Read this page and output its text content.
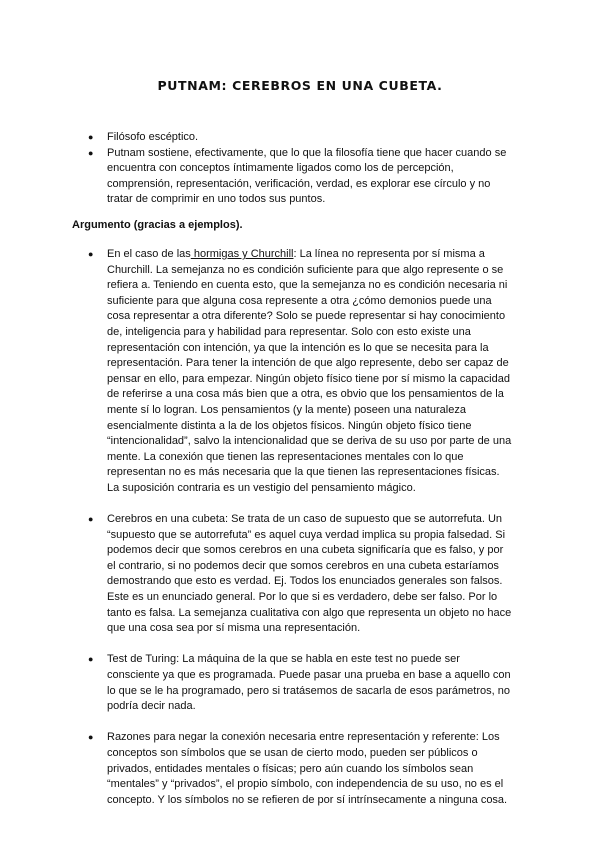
PUTNAM: CEREBROS EN UNA CUBETA.
● Filósofo escéptico.
● Putnam sostiene, efectivamente, que lo que la filosofía tiene que hacer cuando se encuentra con conceptos íntimamente ligados como los de percepción, comprensión, representación, verificación, verdad, es explorar ese círculo y no tratar de comprimir en uno todos sus puntos.
Argumento (gracias a ejemplos).
● En el caso de las hormigas y Churchill: La línea no representa por sí misma a Churchill. La semejanza no es condición suficiente para que algo represente o se refiera a. Teniendo en cuenta esto, que la semejanza no es condición necesaria ni suficiente para que alguna cosa represente a otra ¿cómo demonios puede una cosa representar a otra diferente? Solo se puede representar si hay conocimiento de, inteligencia para y habilidad para representar. Solo con esto existe una representación con intención, ya que la intención es lo que se necesita para la representación. Para tener la intención de que algo represente, debo ser capaz de pensar en ello, para empezar. Ningún objeto físico tiene por sí mismo la capacidad de referirse a una cosa más bien que a otra, es obvio que los pensamientos de la mente sí lo logran. Los pensamientos (y la mente) poseen una naturaleza esencialmente distinta a la de los objetos físicos. Ningún objeto físico tiene “intencionalidad”, salvo la intencionalidad que se deriva de su uso por parte de una mente. La conexión que tienen las representaciones mentales con lo que representan no es más necesaria que la que tienen las representaciones físicas. La suposición contraria es un vestigio del pensamiento mágico.
● Cerebros en una cubeta: Se trata de un caso de supuesto que se autorrefuta. Un “supuesto que se autorrefuta” es aquel cuya verdad implica su propia falsedad. Si podemos decir que somos cerebros en una cubeta significaría que es falso, y por el contrario, si no podemos decir que somos cerebros en una cubeta estaríamos demostrando que esto es verdad. Ej. Todos los enunciados generales son falsos. Este es un enunciado general. Por lo que si es verdadero, debe ser falso. Por lo tanto es falsa. La semejanza cualitativa con algo que representa un objeto no hace que una cosa sea por sí misma una representación.
● Test de Turing: La máquina de la que se habla en este test no puede ser consciente ya que es programada. Puede pasar una prueba en base a aquello con lo que se le ha programado, pero si tratásemos de sacarla de esos parámetros, no podría decir nada.
● Razones para negar la conexión necesaria entre representación y referente: Los conceptos son símbolos que se usan de cierto modo, pueden ser públicos o privados, entidades mentales o físicas; pero aún cuando los símbolos sean “mentales” y “privados”, el propio símbolo, con independencia de su uso, no es el concepto. Y los símbolos no se refieren de por sí intrínsecamente a ninguna cosa.
